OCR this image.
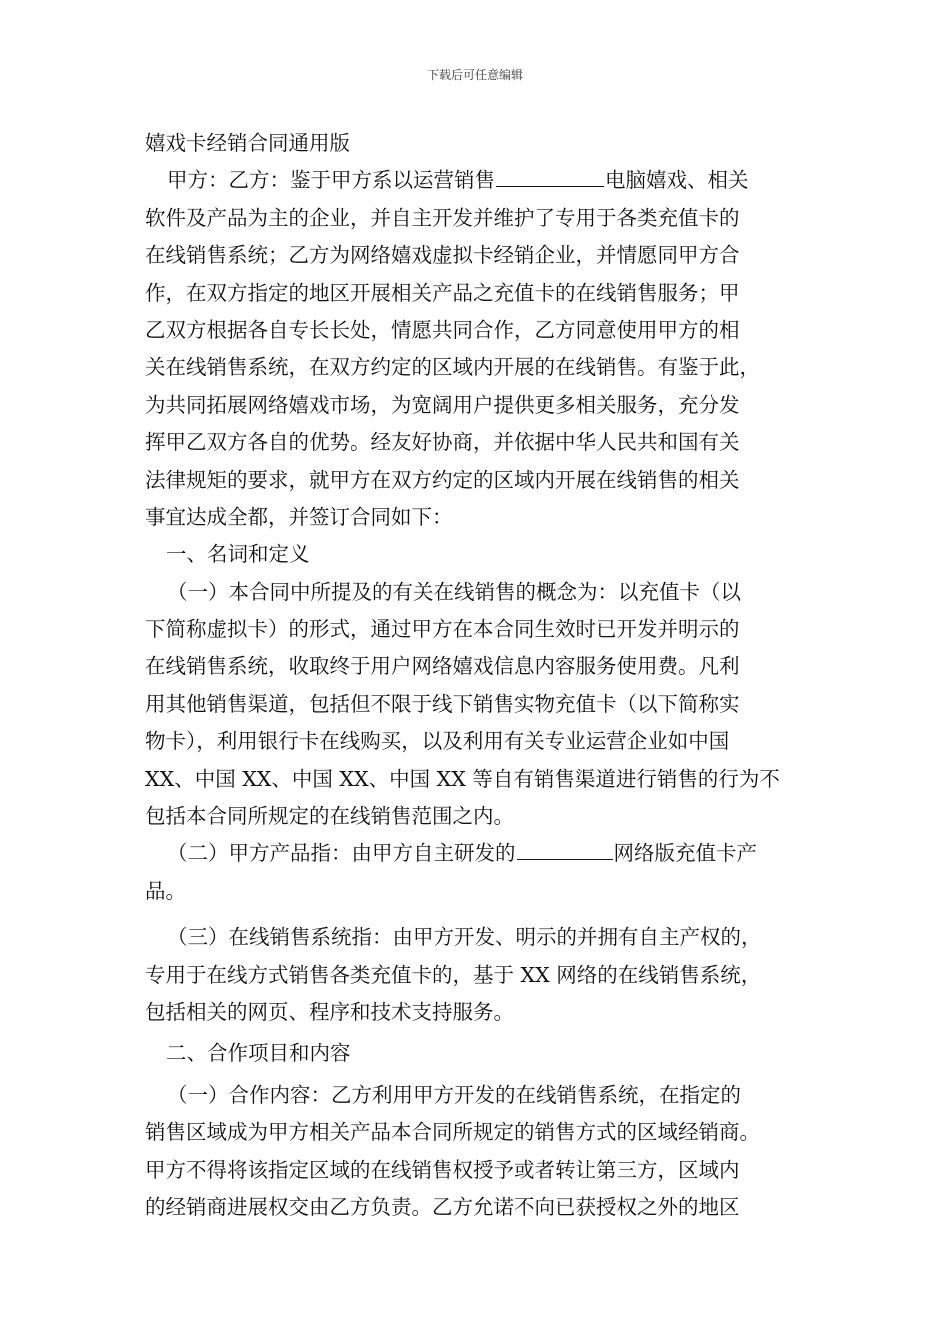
下载后可任意编辑
嬉戏卡经销合同通用版
甲方：乙方：鉴于甲方系以运营销售	电脑嬉戏、相关
软件及产品为主的企业，并自主开发并维护了专用于各类充值卡的
在线销售系统；乙方为网络嬉戏虚拟卡经销企业，并情愿同甲方合
作，在双方指定的地区开展相关产品之充值卡的在线销售服务；甲
乙双方根据各自专长长处，情愿共同合作，乙方同意使用甲方的相
关在线销售系统，在双方约定的区域内开展的在线销售。有鉴于此，
为共同拓展网络嬉戏市场，为宽阔用户提供更多相关服务，充分发
挥甲乙双方各自的优势。经友好协商，并依据中华人民共和国有关
法律规矩的要求，就甲方在双方约定的区域内开展在线销售的相关
事宜达成全都，并签订合同如下：
一、名词和定义
（一）本合同中所提及的有关在线销售的概念为：以充值卡（以
下简称虚拟卡）的形式，通过甲方在本合同生效时已开发并明示的
在线销售系统，收取终于用户网络嬉戏信息内容服务使用费。凡利
用其他销售渠道，包括但不限于线下销售实物充值卡（以下简称实
物卡），利用银行卡在线购买，以及利用有关专业运营企业如中国
XX、中国 XX、中国 XX、中国 XX 等自有销售渠道进行销售的行为不
包括本合同所规定的在线销售范围之内。
（二）甲方产品指：由甲方自主研发的	网络版充值卡产
品。
（三）在线销售系统指：由甲方开发、明示的并拥有自主产权的，
专用于在线方式销售各类充值卡的，基于 XX 网络的在线销售系统，
包括相关的网页、程序和技术支持服务。
二、合作项目和内容
（一）合作内容：乙方利用甲方开发的在线销售系统，在指定的
销售区域成为甲方相关产品本合同所规定的销售方式的区域经销商。
甲方不得将该指定区域的在线销售权授予或者转让第三方，区域内
的经销商进展权交由乙方负责。乙方允诺不向已获授权之外的地区
